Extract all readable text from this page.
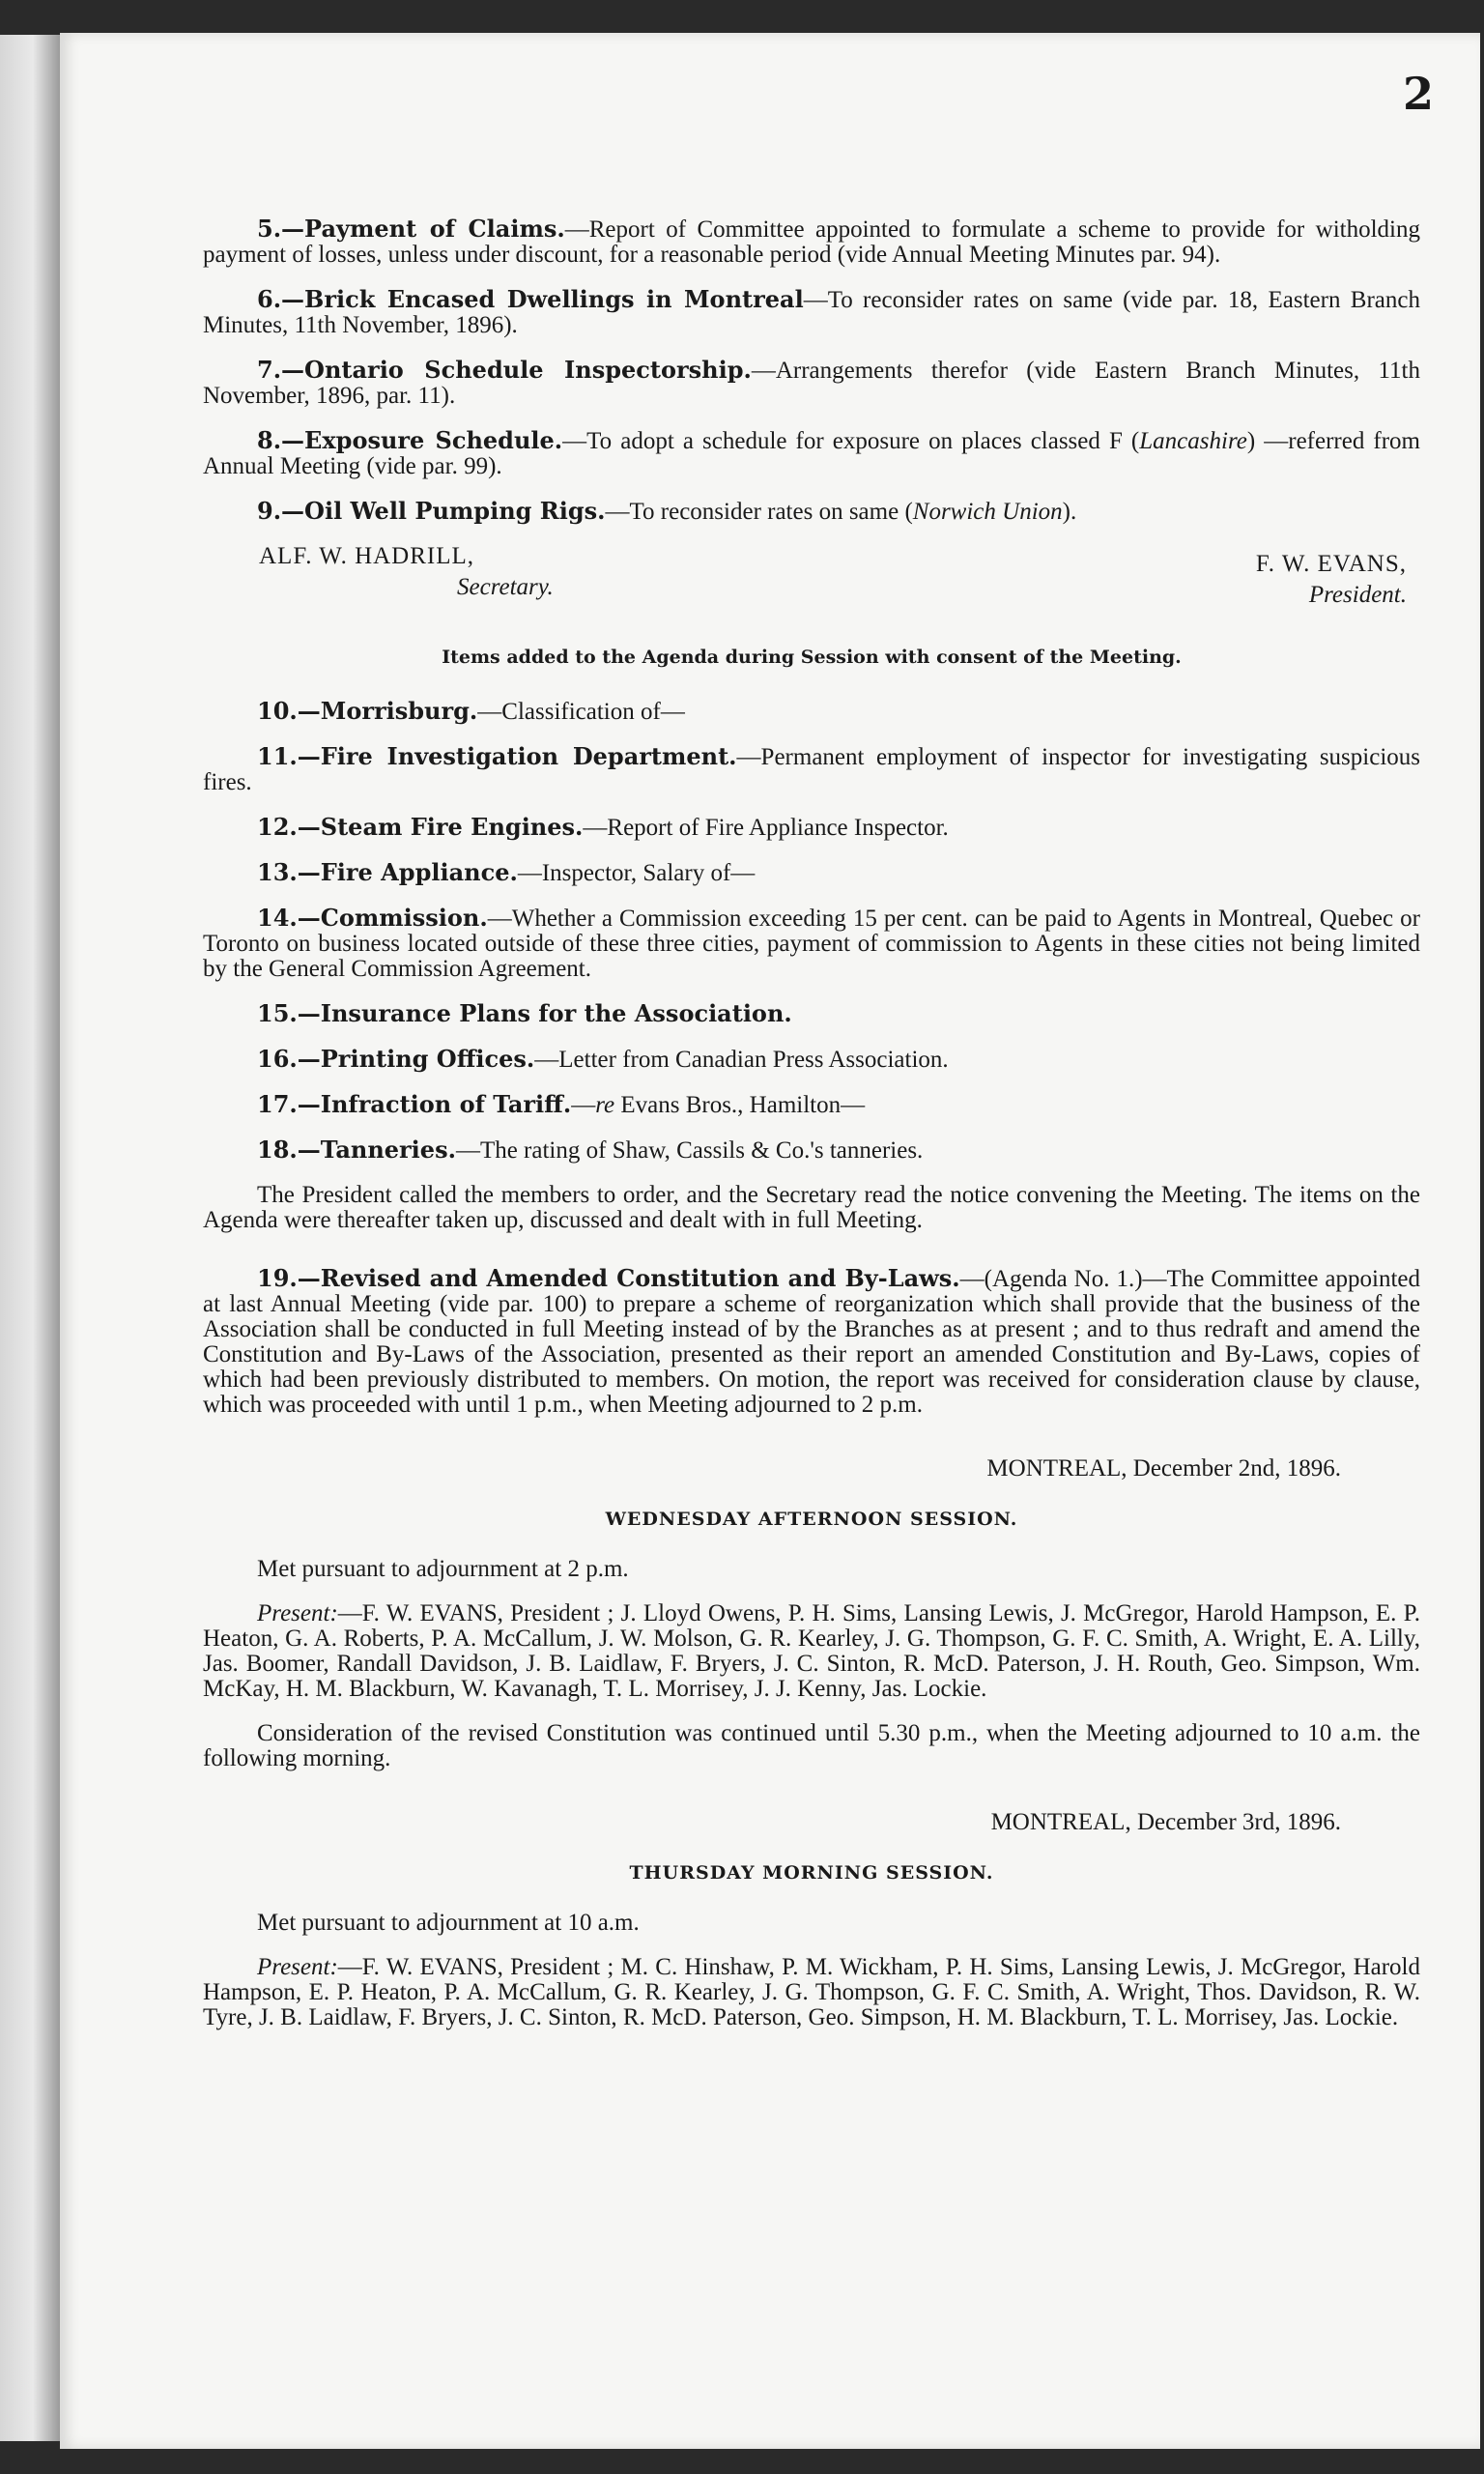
2

5.—Payment of Claims.—Report of Committee appointed to formulate a scheme to provide for witholding payment of losses, unless under discount, for a reasonable period (vide Annual Meeting Minutes par. 94).

6.—Brick Encased Dwellings in Montreal—To reconsider rates on same (vide par. 18, Eastern Branch Minutes, 11th November, 1896).

7.—Ontario Schedule Inspectorship.—Arrangements therefor (vide Eastern Branch Minutes, 11th November, 1896, par. 11).

8.—Exposure Schedule.—To adopt a schedule for exposure on places classed F (Lancashire) —referred from Annual Meeting (vide par. 99).

9.—Oil Well Pumping Rigs.—To reconsider rates on same (Norwich Union).

ALF. W. HADRILL,
Secretary.
F. W. EVANS,
President.

Items added to the Agenda during Session with consent of the Meeting.

10.—Morrisburg.—Classification of—

11.—Fire Investigation Department.—Permanent employment of inspector for investigating suspicious fires.

12.—Steam Fire Engines.—Report of Fire Appliance Inspector.

13.—Fire Appliance.—Inspector, Salary of—

14.—Commission.—Whether a Commission exceeding 15 per cent. can be paid to Agents in Montreal, Quebec or Toronto on business located outside of these three cities, payment of commission to Agents in these cities not being limited by the General Commission Agreement.

15.—Insurance Plans for the Association.

16.—Printing Offices.—Letter from Canadian Press Association.

17.—Infraction of Tariff.—re Evans Bros., Hamilton—

18.—Tanneries.—The rating of Shaw, Cassils & Co.'s tanneries.

The President called the members to order, and the Secretary read the notice convening the Meeting. The items on the Agenda were thereafter taken up, discussed and dealt with in full Meeting.

19.—Revised and Amended Constitution and By-Laws.—(Agenda No. 1.)—The Committee appointed at last Annual Meeting (vide par. 100) to prepare a scheme of reorganization which shall provide that the business of the Association shall be conducted in full Meeting instead of by the Branches as at present ; and to thus redraft and amend the Constitution and By-Laws of the Association, presented as their report an amended Constitution and By-Laws, copies of which had been previously distributed to members. On motion, the report was received for consideration clause by clause, which was proceeded with until 1 p.m., when Meeting adjourned to 2 p.m.

MONTREAL, December 2nd, 1896.

WEDNESDAY AFTERNOON SESSION.

Met pursuant to adjournment at 2 p.m.

Present:—F. W. EVANS, President ; J. Lloyd Owens, P. H. Sims, Lansing Lewis, J. McGregor, Harold Hampson, E. P. Heaton, G. A. Roberts, P. A. McCallum, J. W. Molson, G. R. Kearley, J. G. Thompson, G. F. C. Smith, A. Wright, E. A. Lilly, Jas. Boomer, Randall Davidson, J. B. Laidlaw, F. Bryers, J. C. Sinton, R. McD. Paterson, J. H. Routh, Geo. Simpson, Wm. McKay, H. M. Blackburn, W. Kavanagh, T. L. Morrisey, J. J. Kenny, Jas. Lockie.

Consideration of the revised Constitution was continued until 5.30 p.m., when the Meeting adjourned to 10 a.m. the following morning.

MONTREAL, December 3rd, 1896.

THURSDAY MORNING SESSION.

Met pursuant to adjournment at 10 a.m.

Present:—F. W. EVANS, President ; M. C. Hinshaw, P. M. Wickham, P. H. Sims, Lansing Lewis, J. McGregor, Harold Hampson, E. P. Heaton, P. A. McCallum, G. R. Kearley, J. G. Thompson, G. F. C. Smith, A. Wright, Thos. Davidson, R. W. Tyre, J. B. Laidlaw, F. Bryers, J. C. Sinton, R. McD. Paterson, Geo. Simpson, H. M. Blackburn, T. L. Morrisey, Jas. Lockie.
